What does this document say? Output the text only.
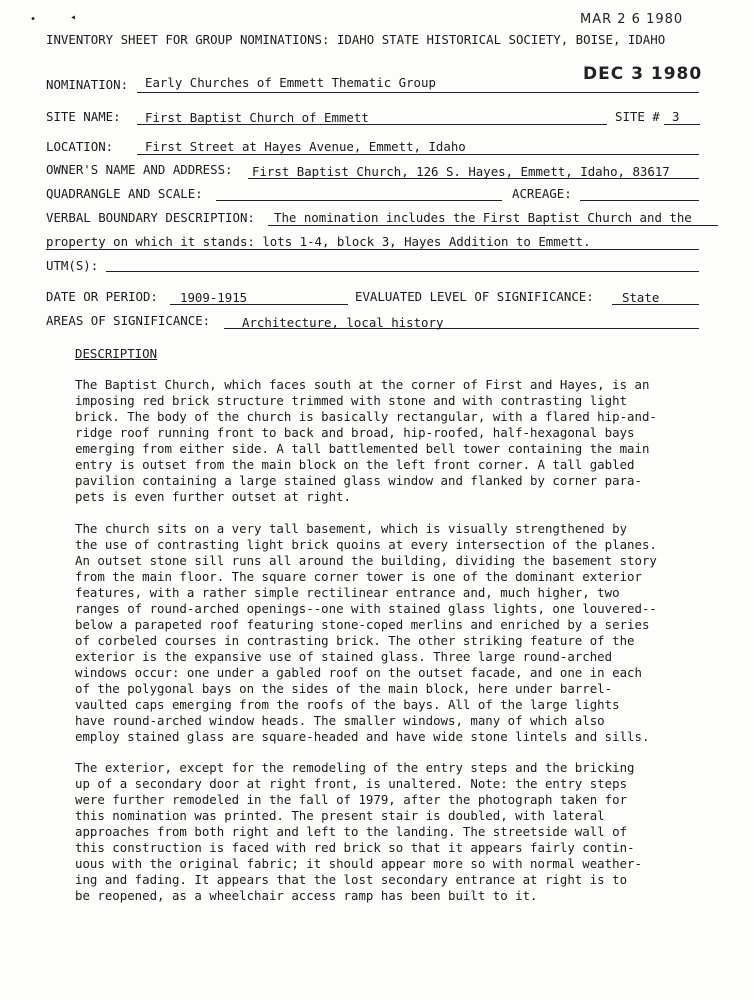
•	◂	MAR 2 6 1980
DEC 3 1980
INVENTORY SHEET FOR GROUP NOMINATIONS: IDAHO STATE HISTORICAL SOCIETY, BOISE, IDAHO
NOMINATION: Early Churches of Emmett Thematic Group
SITE NAME: First Baptist Church of Emmett	SITE # 3
LOCATION:	First Street at Hayes Avenue, Emmett, Idaho
OWNER'S NAME AND ADDRESS: First Baptist Church, 126 S. Hayes, Emmett, Idaho, 83617
QUADRANGLE AND SCALE:	ACREAGE:
VERBAL BOUNDARY DESCRIPTION: The nomination includes the First Baptist Church and the
property on which it stands: lots 1-4, block 3, Hayes Addition to Emmett.
UTM(S):
DATE OR PERIOD: 1909-1915	EVALUATED LEVEL OF SIGNIFICANCE: State
AREAS OF SIGNIFICANCE:	Architecture, local history
DESCRIPTION
The Baptist Church, which faces south at the corner of First and Hayes, is an
imposing red brick structure trimmed with stone and with contrasting light
brick. The body of the church is basically rectangular, with a flared hip-and-
ridge roof running front to back and broad, hip-roofed, half-hexagonal bays
emerging from either side. A tall battlemented bell tower containing the main
entry is outset from the main block on the left front corner. A tall gabled
pavilion containing a large stained glass window and flanked by corner para-
pets is even further outset at right.
The church sits on a very tall basement, which is visually strengthened by
the use of contrasting light brick quoins at every intersection of the planes.
An outset stone sill runs all around the building, dividing the basement story
from the main floor. The square corner tower is one of the dominant exterior
features, with a rather simple rectilinear entrance and, much higher, two
ranges of round-arched openings--one with stained glass lights, one louvered--
below a parapeted roof featuring stone-coped merlins and enriched by a series
of corbeled courses in contrasting brick. The other striking feature of the
exterior is the expansive use of stained glass. Three large round-arched
windows occur: one under a gabled roof on the outset facade, and one in each
of the polygonal bays on the sides of the main block, here under barrel-
vaulted caps emerging from the roofs of the bays. All of the large lights
have round-arched window heads. The smaller windows, many of which also
employ stained glass are square-headed and have wide stone lintels and sills.
The exterior, except for the remodeling of the entry steps and the bricking
up of a secondary door at right front, is unaltered. Note: the entry steps
were further remodeled in the fall of 1979, after the photograph taken for
this nomination was printed. The present stair is doubled, with lateral
approaches from both right and left to the landing. The streetside wall of
this construction is faced with red brick so that it appears fairly contin-
uous with the original fabric; it should appear more so with normal weather-
ing and fading. It appears that the lost secondary entrance at right is to
be reopened, as a wheelchair access ramp has been built to it.
